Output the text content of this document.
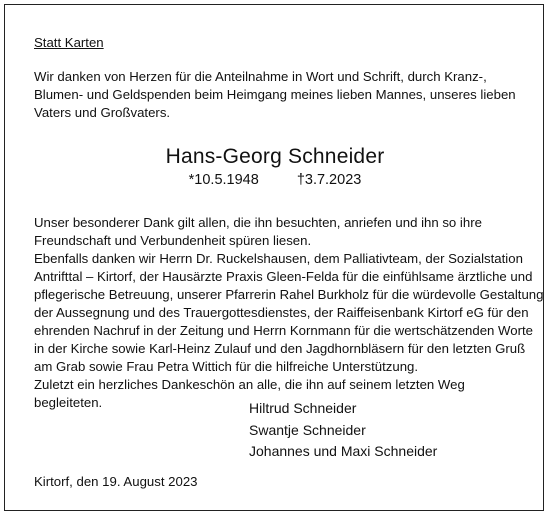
Statt Karten
Wir danken von Herzen für die Anteilnahme in Wort und Schrift, durch Kranz-,
Blumen- und Geldspenden beim Heimgang meines lieben Mannes, unseres lieben
Vaters und Großvaters.
Hans-Georg Schneider
*10.5.1948	†3.7.2023
Unser besonderer Dank gilt allen, die ihn besuchten, anriefen und ihn so ihre
Freundschaft und Verbundenheit spüren liesen.
Ebenfalls danken wir Herrn Dr. Ruckelshausen, dem Palliativteam, der Sozialstation
Antrifttal – Kirtorf, der Hausärzte Praxis Gleen-Felda für die einfühlsame ärztliche und
pflegerische Betreuung, unserer Pfarrerin Rahel Burkholz für die würdevolle Gestaltung
der Aussegnung und des Trauergottesdienstes, der Raiffeisenbank Kirtorf eG für den
ehrenden Nachruf in der Zeitung und Herrn Kornmann für die wertschätzenden Worte
in der Kirche sowie Karl-Heinz Zulauf und den Jagdhornbläsern für den letzten Gruß
am Grab sowie Frau Petra Wittich für die hilfreiche Unterstützung.
Zuletzt ein herzliches Dankeschön an alle, die ihn auf seinem letzten Weg
begleiteten.	Hiltrud Schneider
Swantje Schneider
Johannes und Maxi Schneider
Kirtorf, den 19. August 2023
